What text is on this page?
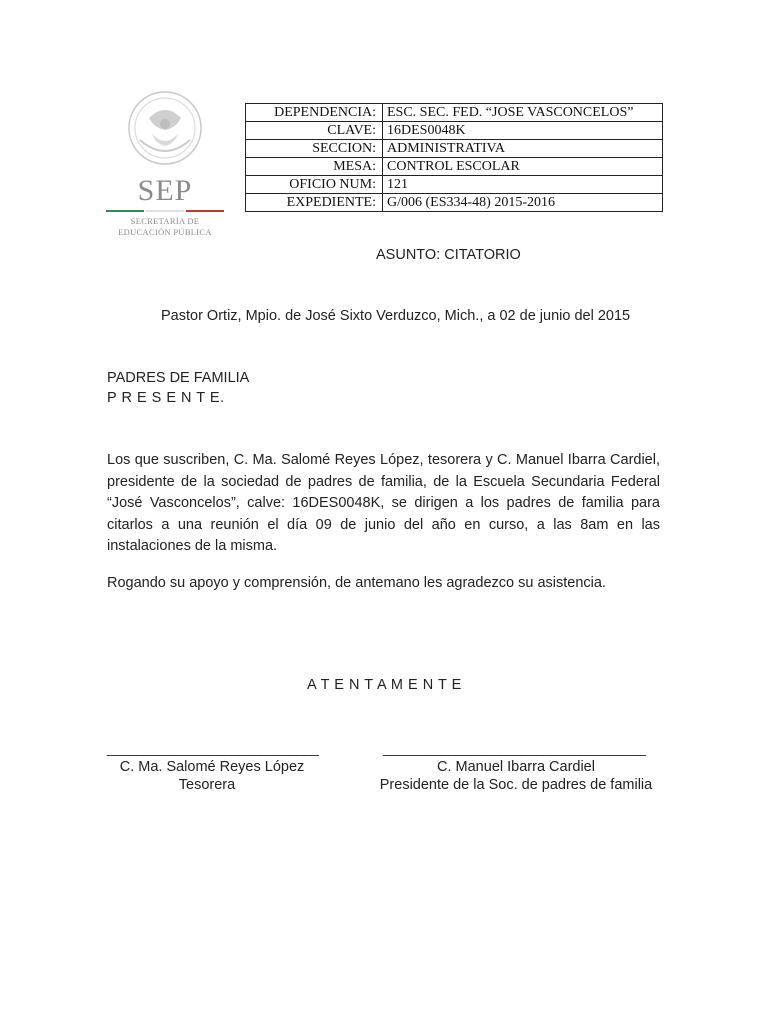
SEP
SECRETARÍA DE
EDUCACIÓN PÚBLICA
DEPENDENCIA:	ESC. SEC. FED. “JOSE VASCONCELOS”
CLAVE:	16DES0048K
SECCION:	ADMINISTRATIVA
MESA:	CONTROL ESCOLAR
OFICIO NUM:	121
EXPEDIENTE:	G/006 (ES334-48) 2015-2016
ASUNTO: CITATORIO
Pastor Ortiz, Mpio. de José Sixto Verduzco, Mich., a 02 de junio del 2015
PADRES DE FAMILIA
P R E S E N T E.
Los que suscriben, C. Ma. Salomé Reyes López, tesorera y C. Manuel Ibarra Cardiel, presidente de la sociedad de padres de familia, de la Escuela Secundaria Federal “José Vasconcelos”, calve: 16DES0048K, se dirigen a los padres de familia para citarlos a una reunión el día 09 de junio del año en curso, a las 8am en las instalaciones de la misma.
Rogando su apoyo y comprensión, de antemano les agradezco su asistencia.
A T E N T A M E N T E
_____________________________
C. Ma. Salomé Reyes López
Tesorera
____________________________________
C. Manuel Ibarra Cardiel
Presidente de la Soc. de padres de familia
